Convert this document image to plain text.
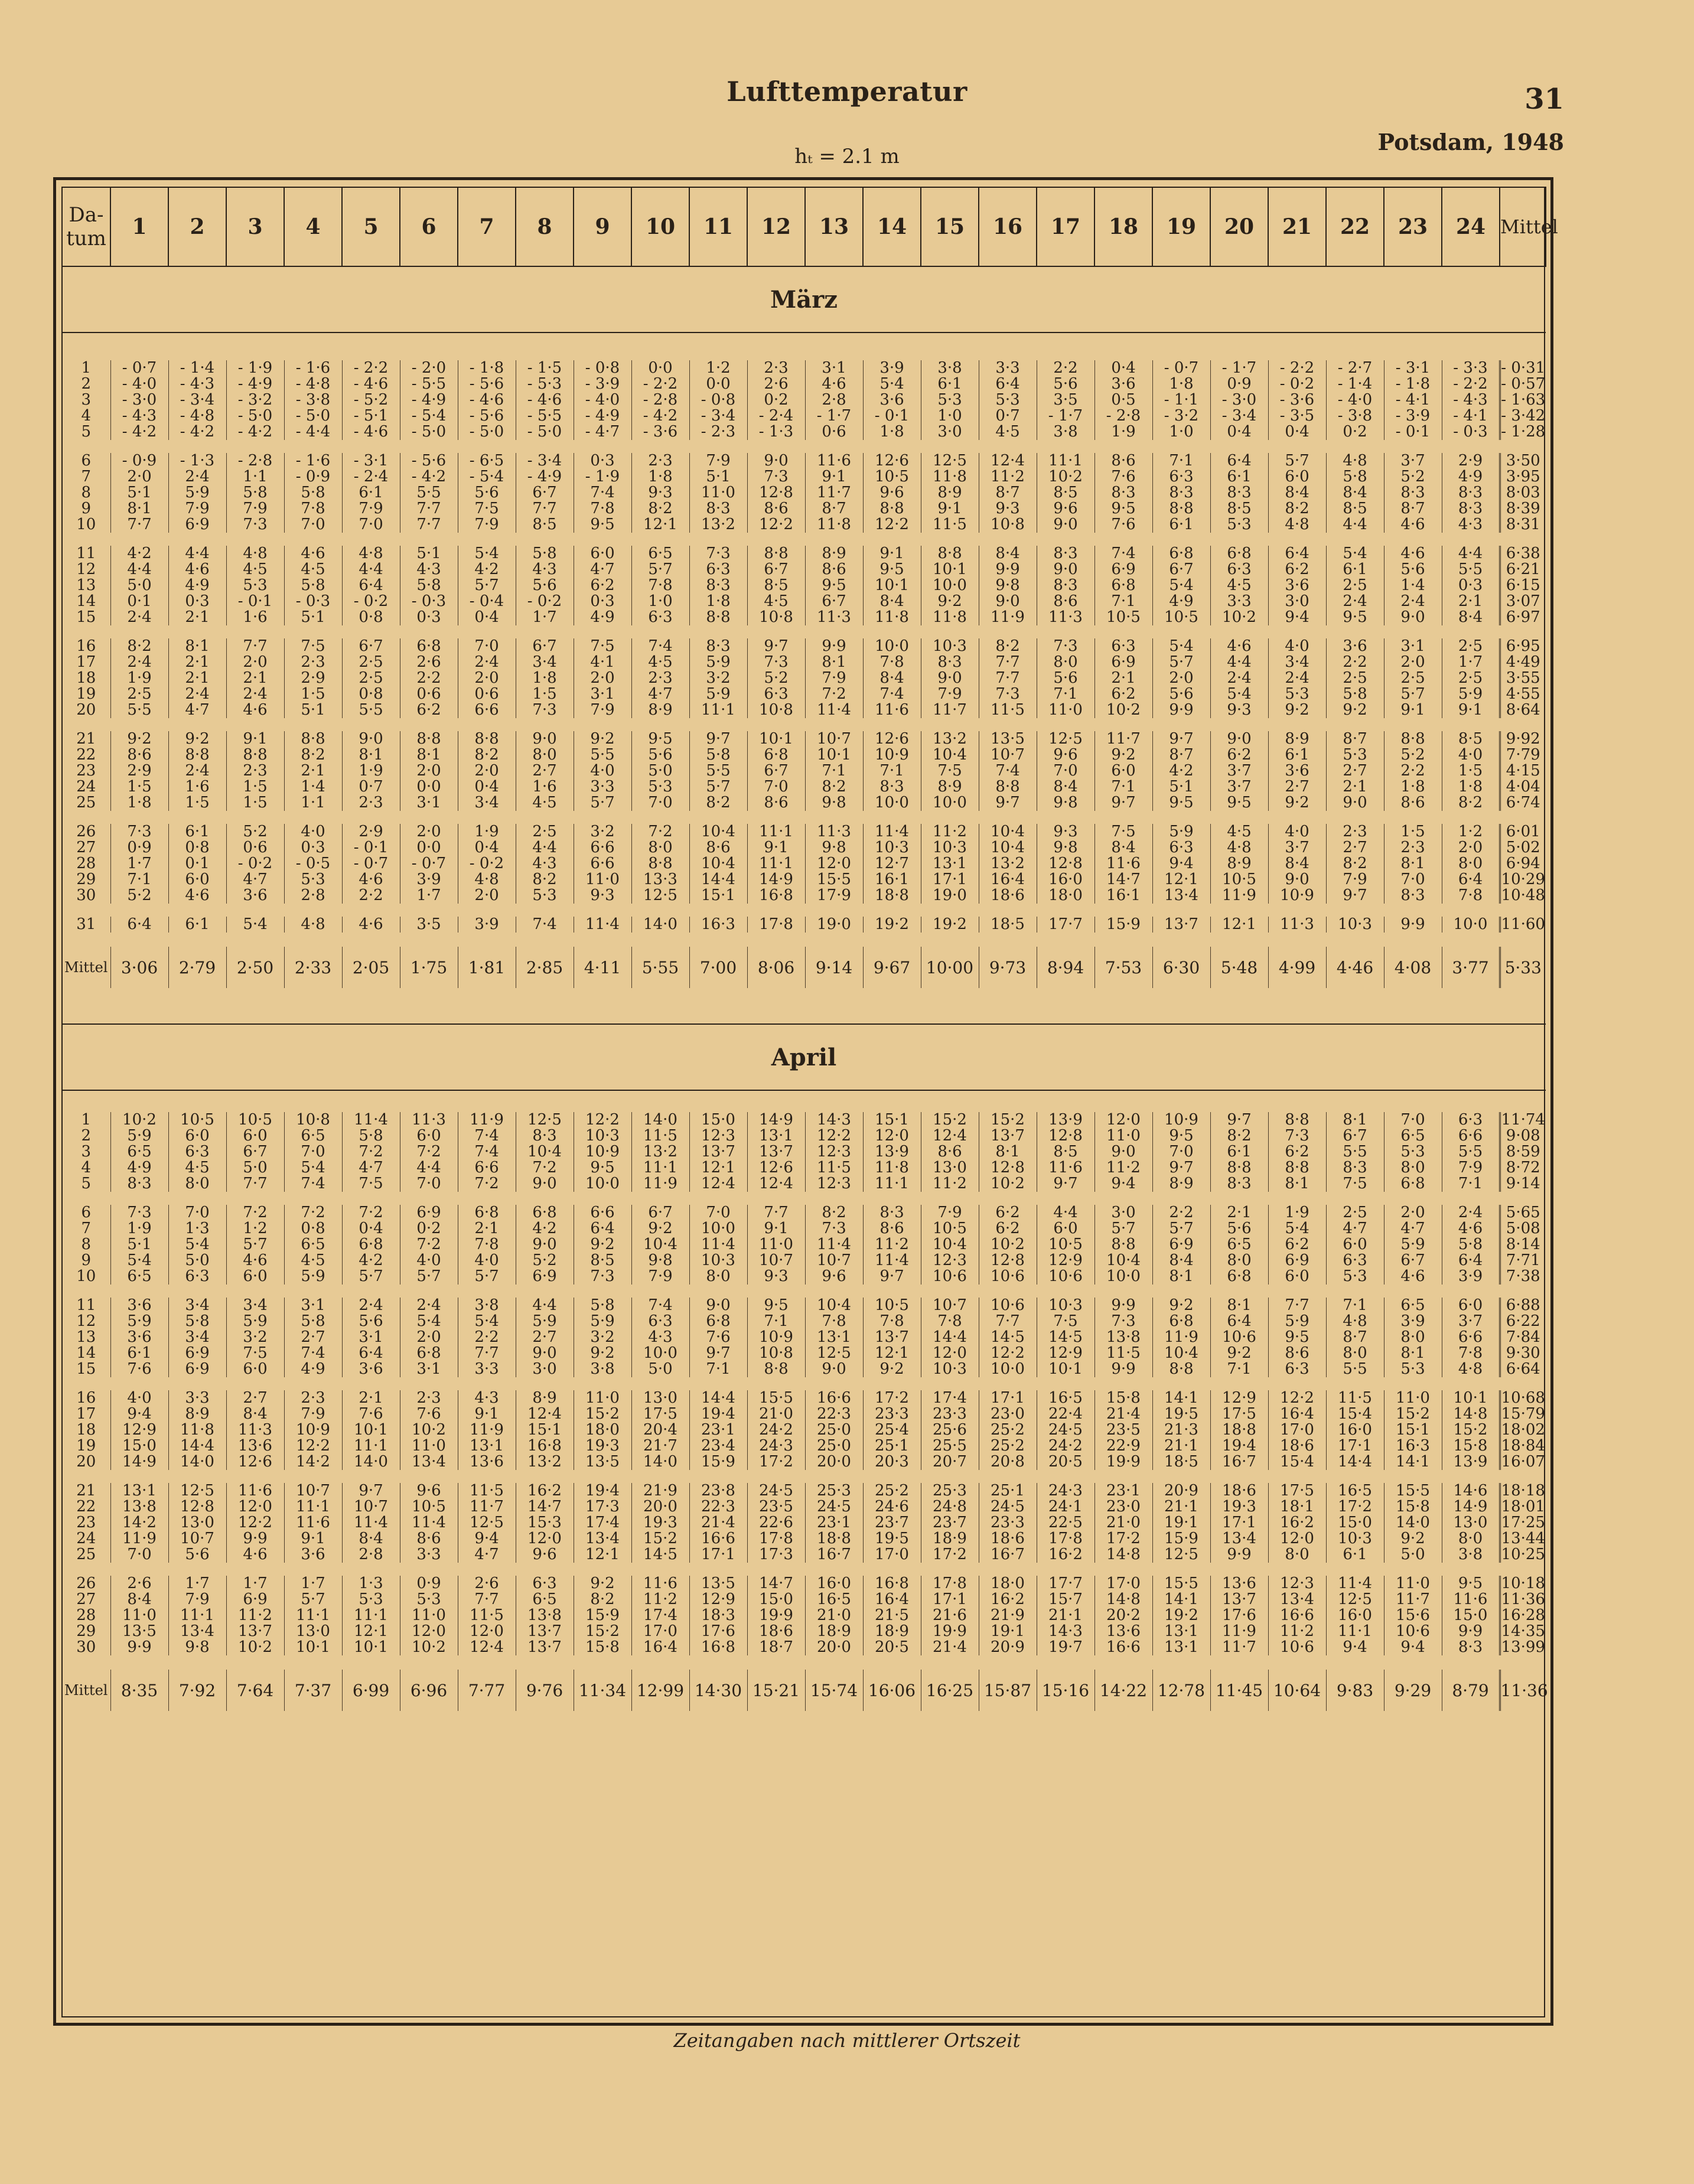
Lufttemperatur	31
Potsdam, 1948
hₜ = 2.1 m
Da-
tum	1	2	3	4	5	6	7	8	9	10	11	12	13	14	15	16	17	18	19	20	21	22	23	24	Mittel
März																									

1	- 0·7	- 1·4	- 1·9	- 1·6	- 2·2	- 2·0	- 1·8	- 1·5	- 0·8	0·0	1·2	2·3	3·1	3·9	3·8	3·3	2·2	0·4	- 0·7	- 1·7	- 2·2	- 2·7	- 3·1	- 3·3	- 0·31
2	- 4·0	- 4·3	- 4·9	- 4·8	- 4·6	- 5·5	- 5·6	- 5·3	- 3·9	- 2·2	0·0	2·6	4·6	5·4	6·1	6·4	5·6	3·6	1·8	0·9	- 0·2	- 1·4	- 1·8	- 2·2	- 0·57
3	- 3·0	- 3·4	- 3·2	- 3·8	- 5·2	- 4·9	- 4·6	- 4·6	- 4·0	- 2·8	- 0·8	0·2	2·8	3·6	5·3	5·3	3·5	0·5	- 1·1	- 3·0	- 3·6	- 4·0	- 4·1	- 4·3	- 1·63
4	- 4·3	- 4·8	- 5·0	- 5·0	- 5·1	- 5·4	- 5·6	- 5·5	- 4·9	- 4·2	- 3·4	- 2·4	- 1·7	- 0·1	1·0	0·7	- 1·7	- 2·8	- 3·2	- 3·4	- 3·5	- 3·8	- 3·9	- 4·1	- 3·42
5	- 4·2	- 4·2	- 4·2	- 4·4	- 4·6	- 5·0	- 5·0	- 5·0	- 4·7	- 3·6	- 2·3	- 1·3	0·6	1·8	3·0	4·5	3·8	1·9	1·0	0·4	0·4	0·2	- 0·1	- 0·3	- 1·28

6	- 0·9	- 1·3	- 2·8	- 1·6	- 3·1	- 5·6	- 6·5	- 3·4	0·3	2·3	7·9	9·0	11·6	12·6	12·5	12·4	11·1	8·6	7·1	6·4	5·7	4·8	3·7	2·9	3·50
7	2·0	2·4	1·1	- 0·9	- 2·4	- 4·2	- 5·4	- 4·9	- 1·9	1·8	5·1	7·3	9·1	10·5	11·8	11·2	10·2	7·6	6·3	6·1	6·0	5·8	5·2	4·9	3·95
8	5·1	5·9	5·8	5·8	6·1	5·5	5·6	6·7	7·4	9·3	11·0	12·8	11·7	9·6	8·9	8·7	8·5	8·3	8·3	8·3	8·4	8·4	8·3	8·3	8·03
9	8·1	7·9	7·9	7·8	7·9	7·7	7·5	7·7	7·8	8·2	8·3	8·6	8·7	8·8	9·1	9·3	9·6	9·5	8·8	8·5	8·2	8·5	8·7	8·3	8·39
10	7·7	6·9	7·3	7·0	7·0	7·7	7·9	8·5	9·5	12·1	13·2	12·2	11·8	12·2	11·5	10·8	9·0	7·6	6·1	5·3	4·8	4·4	4·6	4·3	8·31

11	4·2	4·4	4·8	4·6	4·8	5·1	5·4	5·8	6·0	6·5	7·3	8·8	8·9	9·1	8·8	8·4	8·3	7·4	6·8	6·8	6·4	5·4	4·6	4·4	6·38
12	4·4	4·6	4·5	4·5	4·4	4·3	4·2	4·3	4·7	5·7	6·3	6·7	8·6	9·5	10·1	9·9	9·0	6·9	6·7	6·3	6·2	6·1	5·6	5·5	6·21
13	5·0	4·9	5·3	5·8	6·4	5·8	5·7	5·6	6·2	7·8	8·3	8·5	9·5	10·1	10·0	9·8	8·3	6·8	5·4	4·5	3·6	2·5	1·4	0·3	6·15
14	0·1	0·3	- 0·1	- 0·3	- 0·2	- 0·3	- 0·4	- 0·2	0·3	1·0	1·8	4·5	6·7	8·4	9·2	9·0	8·6	7·1	4·9	3·3	3·0	2·4	2·4	2·1	3·07
15	2·4	2·1	1·6	5·1	0·8	0·3	0·4	1·7	4·9	6·3	8·8	10·8	11·3	11·8	11·8	11·9	11·3	10·5	10·5	10·2	9·4	9·5	9·0	8·4	6·97

16	8·2	8·1	7·7	7·5	6·7	6·8	7·0	6·7	7·5	7·4	8·3	9·7	9·9	10·0	10·3	8·2	7·3	6·3	5·4	4·6	4·0	3·6	3·1	2·5	6·95
17	2·4	2·1	2·0	2·3	2·5	2·6	2·4	3·4	4·1	4·5	5·9	7·3	8·1	7·8	8·3	7·7	8·0	6·9	5·7	4·4	3·4	2·2	2·0	1·7	4·49
18	1·9	2·1	2·1	2·9	2·5	2·2	2·0	1·8	2·0	2·3	3·2	5·2	7·9	8·4	9·0	7·7	5·6	2·1	2·0	2·4	2·4	2·5	2·5	2·5	3·55
19	2·5	2·4	2·4	1·5	0·8	0·6	0·6	1·5	3·1	4·7	5·9	6·3	7·2	7·4	7·9	7·3	7·1	6·2	5·6	5·4	5·3	5·8	5·7	5·9	4·55
20	5·5	4·7	4·6	5·1	5·5	6·2	6·6	7·3	7·9	8·9	11·1	10·8	11·4	11·6	11·7	11·5	11·0	10·2	9·9	9·3	9·2	9·2	9·1	9·1	8·64

21	9·2	9·2	9·1	8·8	9·0	8·8	8·8	9·0	9·2	9·5	9·7	10·1	10·7	12·6	13·2	13·5	12·5	11·7	9·7	9·0	8·9	8·7	8·8	8·5	9·92
22	8·6	8·8	8·8	8·2	8·1	8·1	8·2	8·0	5·5	5·6	5·8	6·8	10·1	10·9	10·4	10·7	9·6	9·2	8·7	6·2	6·1	5·3	5·2	4·0	7·79
23	2·9	2·4	2·3	2·1	1·9	2·0	2·0	2·7	4·0	5·0	5·5	6·7	7·1	7·1	7·5	7·4	7·0	6·0	4·2	3·7	3·6	2·7	2·2	1·5	4·15
24	1·5	1·6	1·5	1·4	0·7	0·0	0·4	1·6	3·3	5·3	5·7	7·0	8·2	8·3	8·9	8·8	8·4	7·1	5·1	3·7	2·7	2·1	1·8	1·8	4·04
25	1·8	1·5	1·5	1·1	2·3	3·1	3·4	4·5	5·7	7·0	8·2	8·6	9·8	10·0	10·0	9·7	9·8	9·7	9·5	9·5	9·2	9·0	8·6	8·2	6·74

26	7·3	6·1	5·2	4·0	2·9	2·0	1·9	2·5	3·2	7·2	10·4	11·1	11·3	11·4	11·2	10·4	9·3	7·5	5·9	4·5	4·0	2·3	1·5	1·2	6·01
27	0·9	0·8	0·6	0·3	- 0·1	0·0	0·4	4·4	6·6	8·0	8·6	9·1	9·8	10·3	10·3	10·4	9·8	8·4	6·3	4·8	3·7	2·7	2·3	2·0	5·02
28	1·7	0·1	- 0·2	- 0·5	- 0·7	- 0·7	- 0·2	4·3	6·6	8·8	10·4	11·1	12·0	12·7	13·1	13·2	12·8	11·6	9·4	8·9	8·4	8·2	8·1	8·0	6·94
29	7·1	6·0	4·7	5·3	4·6	3·9	4·8	8·2	11·0	13·3	14·4	14·9	15·5	16·1	17·1	16·4	16·0	14·7	12·1	10·5	9·0	7·9	7·0	6·4	10·29
30	5·2	4·6	3·6	2·8	2·2	1·7	2·0	5·3	9·3	12·5	15·1	16·8	17·9	18·8	19·0	18·6	18·0	16·1	13·4	11·9	10·9	9·7	8·3	7·8	10·48

31	6·4	6·1	5·4	4·8	4·6	3·5	3·9	7·4	11·4	14·0	16·3	17·8	19·0	19·2	19·2	18·5	17·7	15·9	13·7	12·1	11·3	10·3	9·9	10·0	11·60

Mittel	3·06	2·79	2·50	2·33	2·05	1·75	1·81	2·85	4·11	5·55	7·00	8·06	9·14	9·67	10·00	9·73	8·94	7·53	6·30	5·48	4·99	4·46	4·08	3·77	5·33

April																									

1	10·2	10·5	10·5	10·8	11·4	11·3	11·9	12·5	12·2	14·0	15·0	14·9	14·3	15·1	15·2	15·2	13·9	12·0	10·9	9·7	8·8	8·1	7·0	6·3	11·74
2	5·9	6·0	6·0	6·5	5·8	6·0	7·4	8·3	10·3	11·5	12·3	13·1	12·2	12·0	12·4	13·7	12·8	11·0	9·5	8·2	7·3	6·7	6·5	6·6	9·08
3	6·5	6·3	6·7	7·0	7·2	7·2	7·4	10·4	10·9	13·2	13·7	13·7	12·3	13·9	8·6	8·1	8·5	9·0	7·0	6·1	6·2	5·5	5·3	5·5	8·59
4	4·9	4·5	5·0	5·4	4·7	4·4	6·6	7·2	9·5	11·1	12·1	12·6	11·5	11·8	13·0	12·8	11·6	11·2	9·7	8·8	8·8	8·3	8·0	7·9	8·72
5	8·3	8·0	7·7	7·4	7·5	7·0	7·2	9·0	10·0	11·9	12·4	12·4	12·3	11·1	11·2	10·2	9·7	9·4	8·9	8·3	8·1	7·5	6·8	7·1	9·14

6	7·3	7·0	7·2	7·2	7·2	6·9	6·8	6·8	6·6	6·7	7·0	7·7	8·2	8·3	7·9	6·2	4·4	3·0	2·2	2·1	1·9	2·5	2·0	2·4	5·65
7	1·9	1·3	1·2	0·8	0·4	0·2	2·1	4·2	6·4	9·2	10·0	9·1	7·3	8·6	10·5	6·2	6·0	5·7	5·7	5·6	5·4	4·7	4·7	4·6	5·08
8	5·1	5·4	5·7	6·5	6·8	7·2	7·8	9·0	9·2	10·4	11·4	11·0	11·4	11·2	10·4	10·2	10·5	8·8	6·9	6·5	6·2	6·0	5·9	5·8	8·14
9	5·4	5·0	4·6	4·5	4·2	4·0	4·0	5·2	8·5	9·8	10·3	10·7	10·7	11·4	12·3	12·8	12·9	10·4	8·4	8·0	6·9	6·3	6·7	6·4	7·71
10	6·5	6·3	6·0	5·9	5·7	5·7	5·7	6·9	7·3	7·9	8·0	9·3	9·6	9·7	10·6	10·6	10·6	10·0	8·1	6·8	6·0	5·3	4·6	3·9	7·38

11	3·6	3·4	3·4	3·1	2·4	2·4	3·8	4·4	5·8	7·4	9·0	9·5	10·4	10·5	10·7	10·6	10·3	9·9	9·2	8·1	7·7	7·1	6·5	6·0	6·88
12	5·9	5·8	5·9	5·8	5·6	5·4	5·4	5·9	5·9	6·3	6·8	7·1	7·8	7·8	7·8	7·7	7·5	7·3	6·8	6·4	5·9	4·8	3·9	3·7	6·22
13	3·6	3·4	3·2	2·7	3·1	2·0	2·2	2·7	3·2	4·3	7·6	10·9	13·1	13·7	14·4	14·5	14·5	13·8	11·9	10·6	9·5	8·7	8·0	6·6	7·84
14	6·1	6·9	7·5	7·4	6·4	6·8	7·7	9·0	9·2	10·0	9·7	10·8	12·5	12·1	12·0	12·2	12·9	11·5	10·4	9·2	8·6	8·0	8·1	7·8	9·30
15	7·6	6·9	6·0	4·9	3·6	3·1	3·3	3·0	3·8	5·0	7·1	8·8	9·0	9·2	10·3	10·0	10·1	9·9	8·8	7·1	6·3	5·5	5·3	4·8	6·64

16	4·0	3·3	2·7	2·3	2·1	2·3	4·3	8·9	11·0	13·0	14·4	15·5	16·6	17·2	17·4	17·1	16·5	15·8	14·1	12·9	12·2	11·5	11·0	10·1	10·68
17	9·4	8·9	8·4	7·9	7·6	7·6	9·1	12·4	15·2	17·5	19·4	21·0	22·3	23·3	23·3	23·0	22·4	21·4	19·5	17·5	16·4	15·4	15·2	14·8	15·79
18	12·9	11·8	11·3	10·9	10·1	10·2	11·9	15·1	18·0	20·4	23·1	24·2	25·0	25·4	25·6	25·2	24·5	23·5	21·3	18·8	17·0	16·0	15·1	15·2	18·02
19	15·0	14·4	13·6	12·2	11·1	11·0	13·1	16·8	19·3	21·7	23·4	24·3	25·0	25·1	25·5	25·2	24·2	22·9	21·1	19·4	18·6	17·1	16·3	15·8	18·84
20	14·9	14·0	12·6	14·2	14·0	13·4	13·6	13·2	13·5	14·0	15·9	17·2	20·0	20·3	20·7	20·8	20·5	19·9	18·5	16·7	15·4	14·4	14·1	13·9	16·07

21	13·1	12·5	11·6	10·7	9·7	9·6	11·5	16·2	19·4	21·9	23·8	24·5	25·3	25·2	25·3	25·1	24·3	23·1	20·9	18·6	17·5	16·5	15·5	14·6	18·18
22	13·8	12·8	12·0	11·1	10·7	10·5	11·7	14·7	17·3	20·0	22·3	23·5	24·5	24·6	24·8	24·5	24·1	23·0	21·1	19·3	18·1	17·2	15·8	14·9	18·01
23	14·2	13·0	12·2	11·6	11·4	11·4	12·5	15·3	17·4	19·3	21·4	22·6	23·1	23·7	23·7	23·3	22·5	21·0	19·1	17·1	16·2	15·0	14·0	13·0	17·25
24	11·9	10·7	9·9	9·1	8·4	8·6	9·4	12·0	13·4	15·2	16·6	17·8	18·8	19·5	18·9	18·6	17·8	17·2	15·9	13·4	12·0	10·3	9·2	8·0	13·44
25	7·0	5·6	4·6	3·6	2·8	3·3	4·7	9·6	12·1	14·5	17·1	17·3	16·7	17·0	17·2	16·7	16·2	14·8	12·5	9·9	8·0	6·1	5·0	3·8	10·25

26	2·6	1·7	1·7	1·7	1·3	0·9	2·6	6·3	9·2	11·6	13·5	14·7	16·0	16·8	17·8	18·0	17·7	17·0	15·5	13·6	12·3	11·4	11·0	9·5	10·18
27	8·4	7·9	6·9	5·7	5·3	5·3	7·7	6·5	8·2	11·2	12·9	15·0	16·5	16·4	17·1	16·2	15·7	14·8	14·1	13·7	13·4	12·5	11·7	11·6	11·36
28	11·0	11·1	11·2	11·1	11·1	11·0	11·5	13·8	15·9	17·4	18·3	19·9	21·0	21·5	21·6	21·9	21·1	20·2	19·2	17·6	16·6	16·0	15·6	15·0	16·28
29	13·5	13·4	13·7	13·0	12·1	12·0	12·0	13·7	15·2	17·0	17·6	18·6	18·9	18·9	19·9	19·1	14·3	13·6	13·1	11·9	11·2	11·1	10·6	9·9	14·35
30	9·9	9·8	10·2	10·1	10·1	10·2	12·4	13·7	15·8	16·4	16·8	18·7	20·0	20·5	21·4	20·9	19·7	16·6	13·1	11·7	10·6	9·4	9·4	8·3	13·99

Mittel	8·35	7·92	7·64	7·37	6·99	6·96	7·77	9·76	11·34	12·99	14·30	15·21	15·74	16·06	16·25	15·87	15·16	14·22	12·78	11·45	10·64	9·83	9·29	8·79	11·36

Zeitangaben nach mittlerer Ortszeit
